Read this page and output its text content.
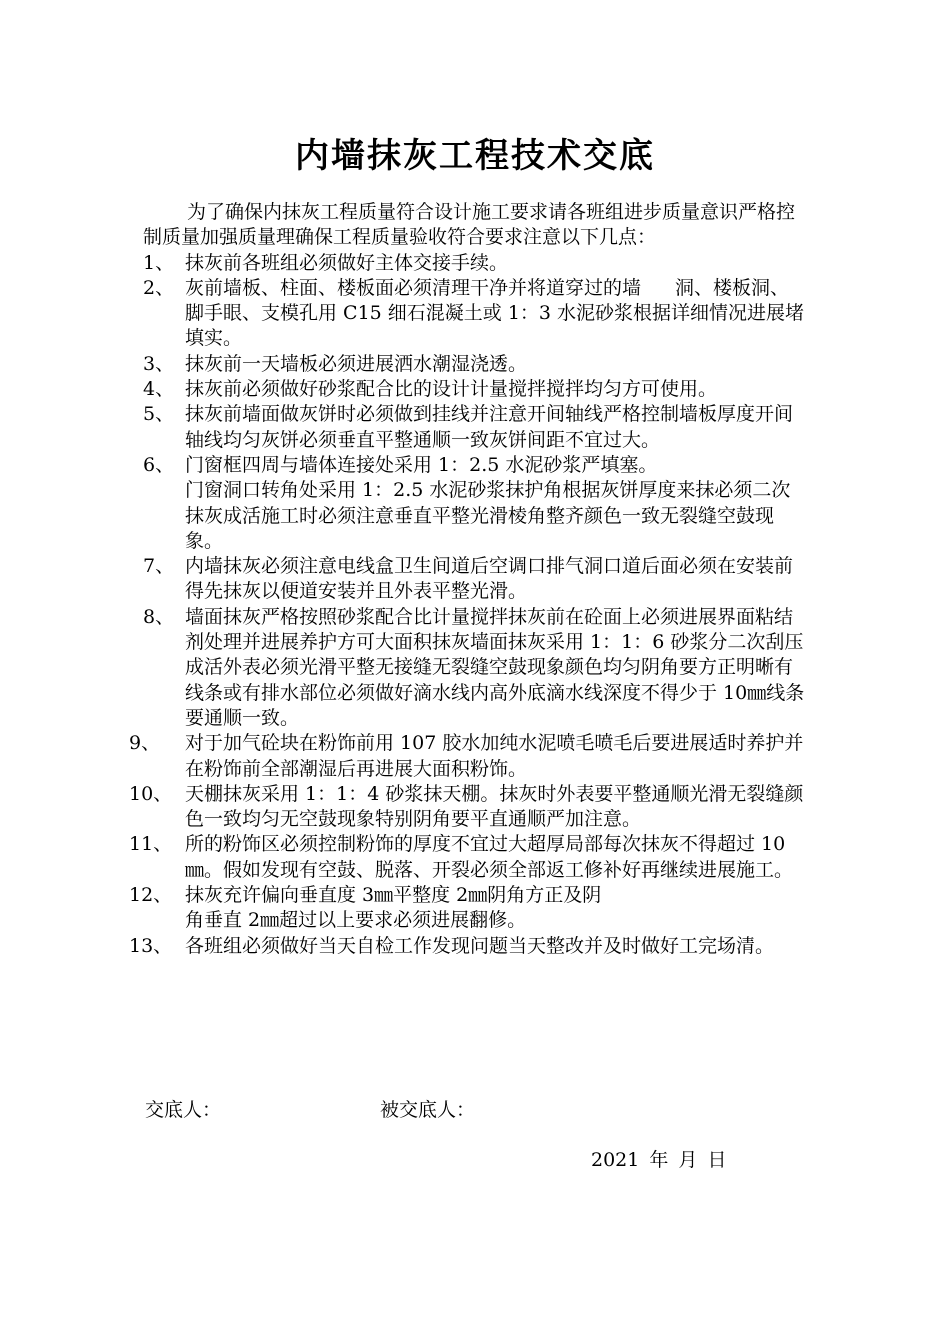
内墙抹灰工程技术交底

为了确保内抹灰工程质量符合设计施工要求请各班组进步质量意识严格控制质量加强质量理确保工程质量验收符合要求注意以下几点：

1、 抹灰前各班组必须做好主体交接手续。
2、 灰前墙板、柱面、楼板面必须清理干净并将道穿过的墙 洞、楼板洞、脚手眼、支模孔用 C15 细石混凝土或 1：3 水泥砂浆根据详细情况进展堵填实。
3、 抹灰前一天墙板必须进展洒水潮湿浇透。
4、 抹灰前必须做好砂浆配合比的设计计量搅拌搅拌均匀方可使用。
5、 抹灰前墙面做灰饼时必须做到挂线并注意开间轴线严格控制墙板厚度开间轴线均匀灰饼必须垂直平整通顺一致灰饼间距不宜过大。
6、 门窗框四周与墙体连接处采用 1：2.5 水泥砂浆严填塞。
门窗洞口转角处采用 1：2.5 水泥砂浆抹护角根据灰饼厚度来抹必须二次抹灰成活施工时必须注意垂直平整光滑棱角整齐颜色一致无裂缝空鼓现象。
7、 内墙抹灰必须注意电线盒卫生间道后空调口排气洞口道后面必须在安装前得先抹灰以便道安装并且外表平整光滑。
8、 墙面抹灰严格按照砂浆配合比计量搅拌抹灰前在砼面上必须进展界面粘结剂处理并进展养护方可大面积抹灰墙面抹灰采用 1：1：6 砂浆分二次刮压成活外表必须光滑平整无接缝无裂缝空鼓现象颜色均匀阴角要方正明晰有线条或有排水部位必须做好滴水线内高外底滴水线深度不得少于 10㎜线条要通顺一致。
9、 对于加气砼块在粉饰前用 107 胶水加纯水泥喷毛喷毛后要进展适时养护并在粉饰前全部潮湿后再进展大面积粉饰。
10、 天棚抹灰采用 1：1：4 砂浆抹天棚。抹灰时外表要平整通顺光滑无裂缝颜色一致均匀无空鼓现象特别阴角要平直通顺严加注意。
11、 所的粉饰区必须控制粉饰的厚度不宜过大超厚局部每次抹灰不得超过 10㎜。假如发现有空鼓、脱落、开裂必须全部返工修补好再继续进展施工。
12、 抹灰充许偏向垂直度 3㎜平整度 2㎜阴角方正及阴
角垂直 2㎜超过以上要求必须进展翻修。
13、 各班组必须做好当天自检工作发现问题当天整改并及时做好工完场清。
交底人：	被交底人：
2021 年 月 日
